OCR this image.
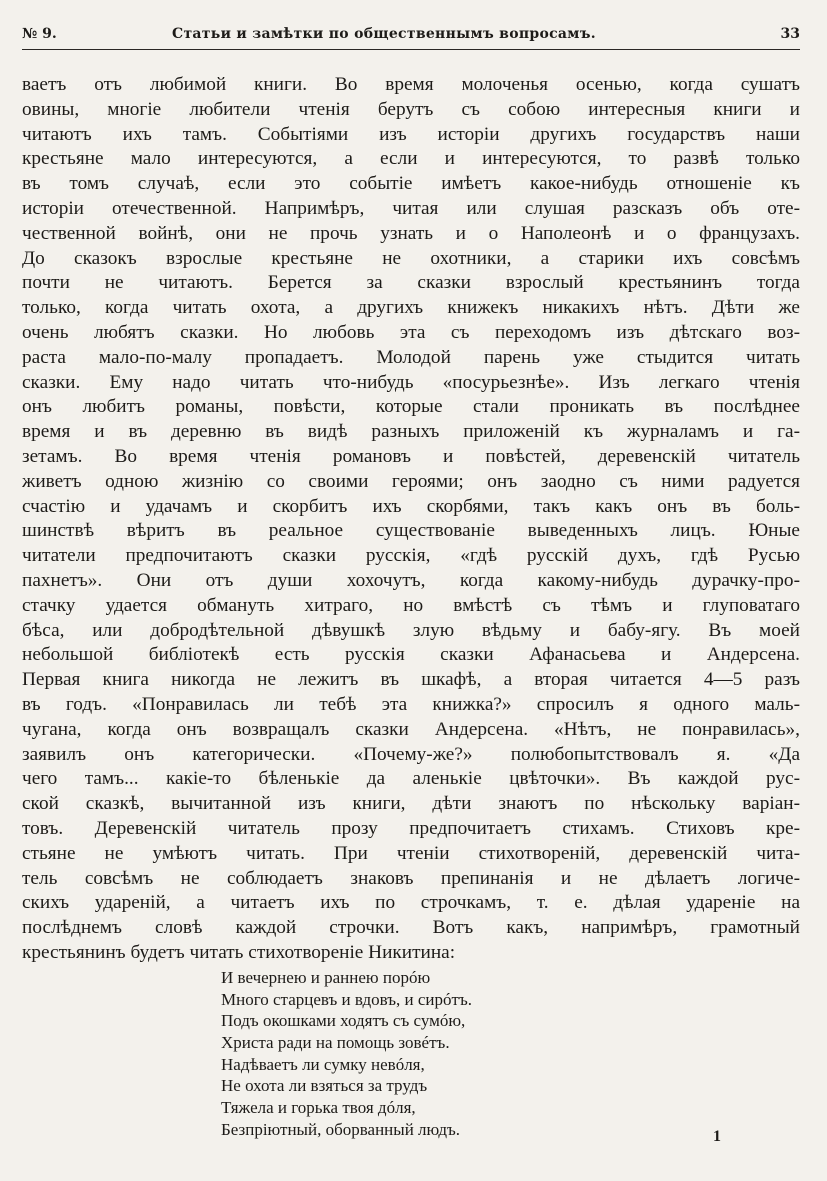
№ 9.	Статьи и замѣтки по общественнымъ вопросамъ.	33
ваетъ отъ любимой книги. Во время молоченья осенью, когда сушатъ
овины, многіе любители чтенія берутъ съ собою интересныя книги и
читаютъ ихъ тамъ. Событіями изъ исторіи другихъ государствъ наши
крестьяне мало интересуются, а если и интересуются, то развѣ только
въ томъ случаѣ, если это событіе имѣетъ какое-нибудь отношеніе къ
исторіи отечественной. Напримѣръ, читая или слушая разсказъ объ оте-
чественной войнѣ, они не прочь узнать и о Наполеонѣ и о французахъ.
До сказокъ взрослые крестьяне не охотники, а старики ихъ совсѣмъ
почти не читаютъ. Берется за сказки взрослый крестьянинъ тогда
только, когда читать охота, а другихъ книжекъ никакихъ нѣтъ. Дѣти же
очень любятъ сказки. Но любовь эта съ переходомъ изъ дѣтскаго воз-
раста мало-по-малу пропадаетъ. Молодой парень уже стыдится читать
сказки. Ему надо читать что-нибудь «посурьезнѣе». Изъ легкаго чтенія
онъ любитъ романы, повѣсти, которые стали проникать въ послѣднее
время и въ деревню въ видѣ разныхъ приложеній къ журналамъ и га-
зетамъ. Во время чтенія романовъ и повѣстей, деревенскій читатель
живетъ одною жизнію со своими героями; онъ заодно съ ними радуется
счастію и удачамъ и скорбитъ ихъ скорбями, такъ какъ онъ въ боль-
шинствѣ вѣритъ въ реальное существованіе выведенныхъ лицъ. Юные
читатели предпочитаютъ сказки русскія, «гдѣ русскій духъ, гдѣ Русью
пахнетъ». Они отъ души хохочутъ, когда какому-нибудь дурачку-про-
стачку удается обмануть хитраго, но вмѣстѣ съ тѣмъ и глуповатаго
бѣса, или добродѣтельной дѣвушкѣ злую вѣдьму и бабу-ягу. Въ моей
небольшой библіотекѣ есть русскія сказки Афанасьева и Андерсена.
Первая книга никогда не лежитъ въ шкафѣ, а вторая читается 4—5 разъ
въ годъ. «Понравилась ли тебѣ эта книжка?» спросилъ я одного маль-
чугана, когда онъ возвращалъ сказки Андерсена. «Нѣтъ, не понравилась»,
заявилъ онъ категорически. «Почему-же?» полюбопытствовалъ я. «Да
чего тамъ... какіе-то бѣленькіе да аленькіе цвѣточки». Въ каждой рус-
ской сказкѣ, вычитанной изъ книги, дѣти знаютъ по нѣскольку варіан-
товъ. Деревенскій читатель прозу предпочитаетъ стихамъ. Стиховъ кре-
стьяне не умѣютъ читать. При чтеніи стихотвореній, деревенскій чита-
тель совсѣмъ не соблюдаетъ знаковъ препинанія и не дѣлаетъ логиче-
скихъ удареній, а читаетъ ихъ по строчкамъ, т. е. дѣлая удареніе на
послѣднемъ словѣ каждой строчки. Вотъ какъ, напримѣръ, грамотный
крестьянинъ будетъ читать стихотвореніе Никитина:
И вечернею и раннею порóю
Много старцевъ и вдовъ, и сирóтъ.
Подъ окошками ходятъ съ сумóю,
Христа ради на помощь зовéтъ.
Надѣваетъ ли сумку невóля,
Не охота ли взяться за трудъ
Тяжела и горька твоя дóля,
Безпріютный, оборванный людъ.	1
